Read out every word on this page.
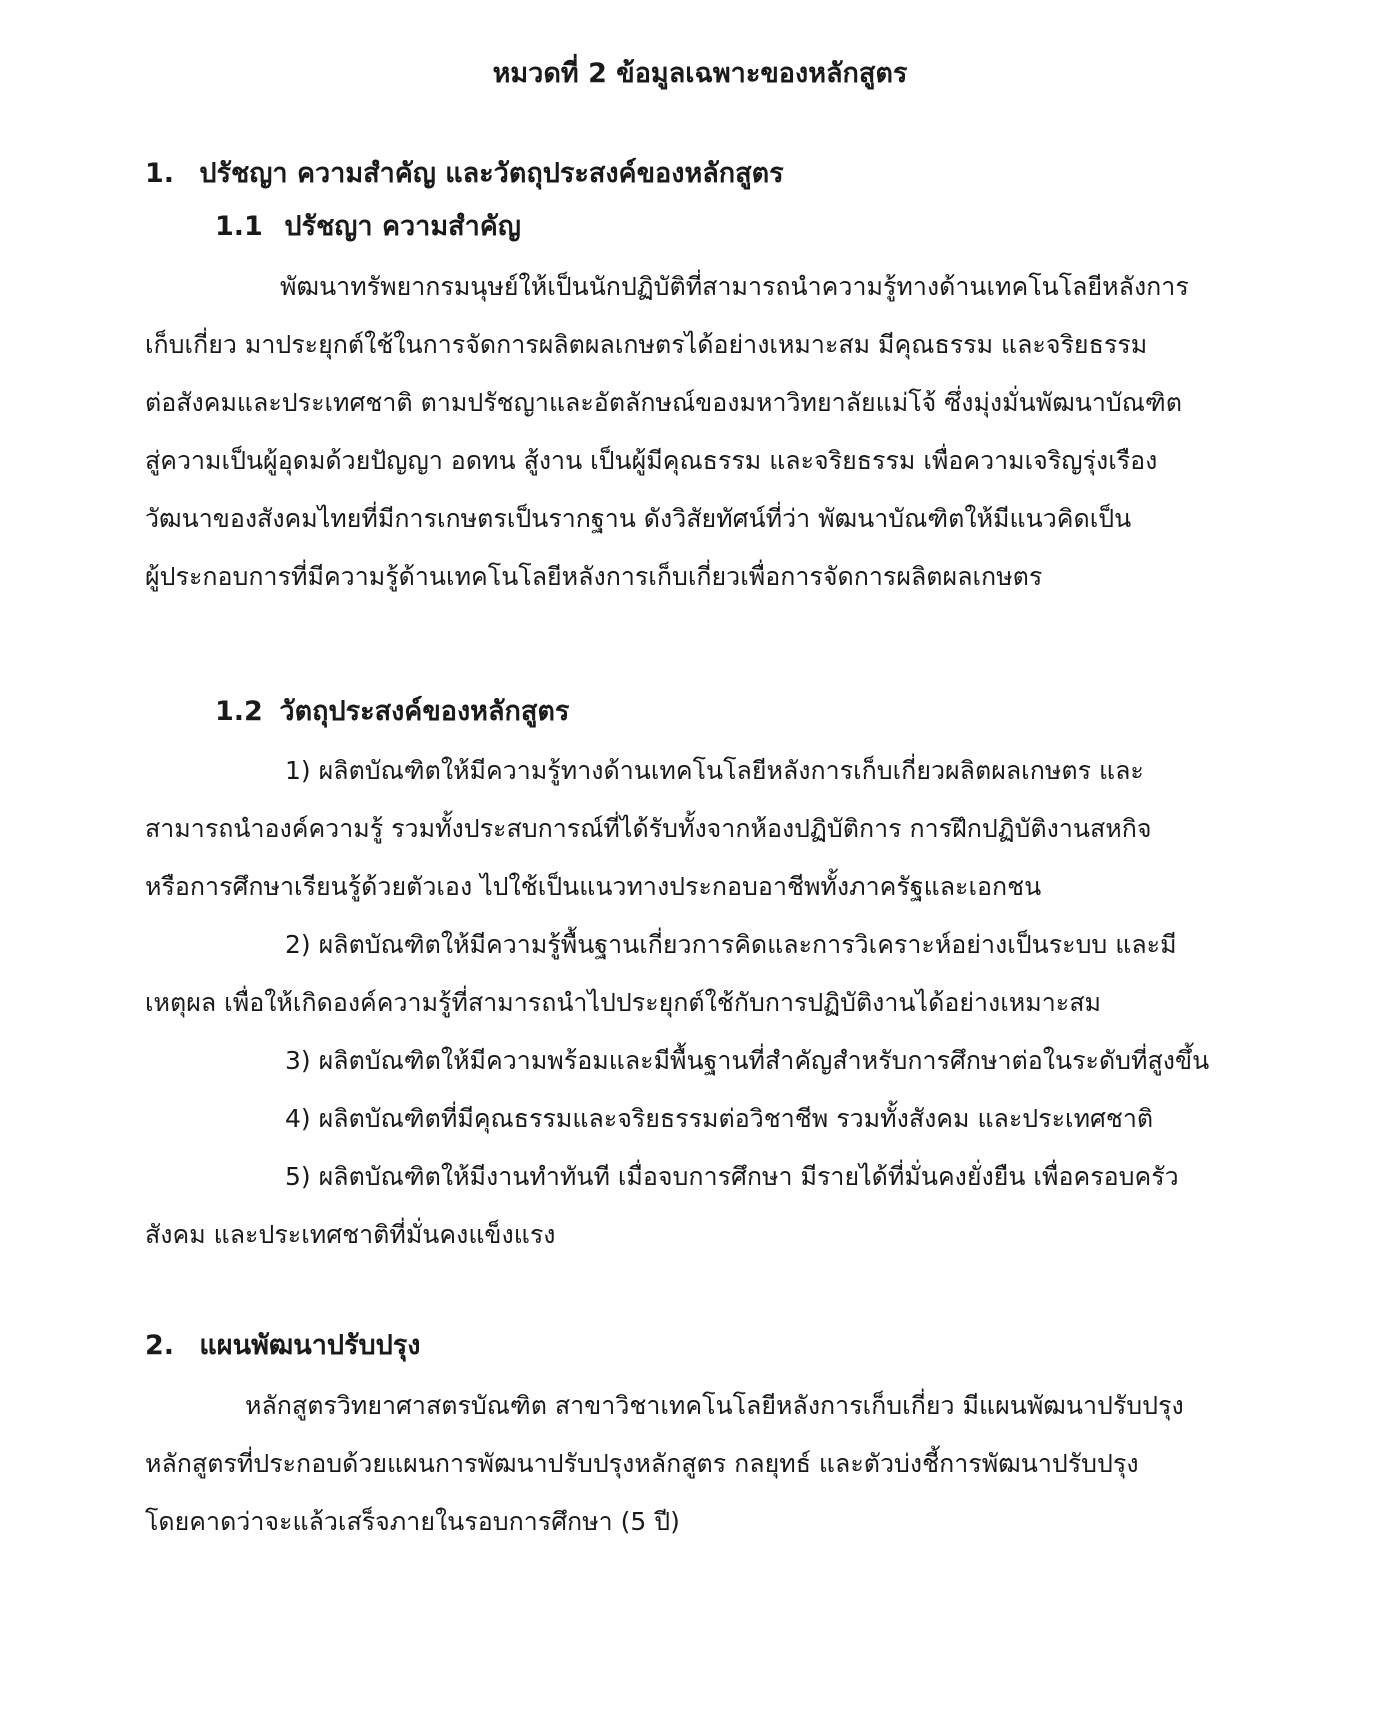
หมวดที่ 2 ข้อมูลเฉพาะของหลักสูตร
1. ปรัชญา ความสำคัญ และวัตถุประสงค์ของหลักสูตร
1.1 ปรัชญา ความสำคัญ
พัฒนาทรัพยากรมนุษย์ให้เป็นนักปฏิบัติที่สามารถนำความรู้ทางด้านเทคโนโลยีหลังการ
เก็บเกี่ยว มาประยุกต์ใช้ในการจัดการผลิตผลเกษตรได้อย่างเหมาะสม มีคุณธรรม และจริยธรรม
ต่อสังคมและประเทศชาติ ตามปรัชญาและอัตลักษณ์ของมหาวิทยาลัยแม่โจ้ ซึ่งมุ่งมั่นพัฒนาบัณฑิต
สู่ความเป็นผู้อุดมด้วยปัญญา อดทน สู้งาน เป็นผู้มีคุณธรรม และจริยธรรม เพื่อความเจริญรุ่งเรือง
วัฒนาของสังคมไทยที่มีการเกษตรเป็นรากฐาน ดังวิสัยทัศน์ที่ว่า พัฒนาบัณฑิตให้มีแนวคิดเป็น
ผู้ประกอบการที่มีความรู้ด้านเทคโนโลยีหลังการเก็บเกี่ยวเพื่อการจัดการผลิตผลเกษตร
1.2 วัตถุประสงค์ของหลักสูตร
1) ผลิตบัณฑิตให้มีความรู้ทางด้านเทคโนโลยีหลังการเก็บเกี่ยวผลิตผลเกษตร และ
สามารถนำองค์ความรู้ รวมทั้งประสบการณ์ที่ได้รับทั้งจากห้องปฏิบัติการ การฝึกปฏิบัติงานสหกิจ
หรือการศึกษาเรียนรู้ด้วยตัวเอง ไปใช้เป็นแนวทางประกอบอาชีพทั้งภาครัฐและเอกชน
2) ผลิตบัณฑิตให้มีความรู้พื้นฐานเกี่ยวการคิดและการวิเคราะห์อย่างเป็นระบบ และมี
เหตุผล เพื่อให้เกิดองค์ความรู้ที่สามารถนำไปประยุกต์ใช้กับการปฏิบัติงานได้อย่างเหมาะสม
3) ผลิตบัณฑิตให้มีความพร้อมและมีพื้นฐานที่สำคัญสำหรับการศึกษาต่อในระดับที่สูงขึ้น
4) ผลิตบัณฑิตที่มีคุณธรรมและจริยธรรมต่อวิชาชีพ รวมทั้งสังคม และประเทศชาติ
5) ผลิตบัณฑิตให้มีงานทำทันที เมื่อจบการศึกษา มีรายได้ที่มั่นคงยั่งยืน เพื่อครอบครัว
สังคม และประเทศชาติที่มั่นคงแข็งแรง
2. แผนพัฒนาปรับปรุง
หลักสูตรวิทยาศาสตรบัณฑิต สาขาวิชาเทคโนโลยีหลังการเก็บเกี่ยว มีแผนพัฒนาปรับปรุง
หลักสูตรที่ประกอบด้วยแผนการพัฒนาปรับปรุงหลักสูตร กลยุทธ์ และตัวบ่งชี้การพัฒนาปรับปรุง
โดยคาดว่าจะแล้วเสร็จภายในรอบการศึกษา (5 ปี)
